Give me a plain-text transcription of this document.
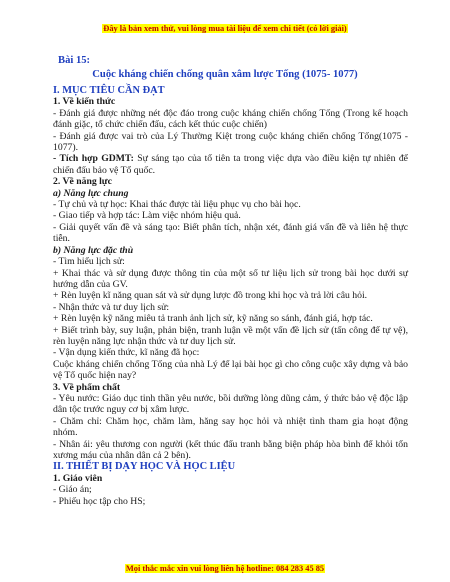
Đây là bản xem thử, vui lòng mua tài liệu để xem chi tiết (có lời giải)
Bài 15:
Cuộc kháng chiến chống quân xâm lược Tống (1075- 1077)
I. MỤC TIÊU CẦN ĐẠT
1. Về kiến thức
- Đánh giá được những nét độc đáo trong cuộc kháng chiến chống Tống (Trong kế hoạch đánh giặc, tổ chức chiến đấu, cách kết thúc cuộc chiến)
- Đánh giá được vai trò của Lý Thường Kiệt trong cuộc kháng chiến chống Tống(1075 - 1077).
- Tích hợp GDMT: Sự sáng tạo của tổ tiên ta trong việc dựa vào điều kiện tự nhiên để chiến đấu bảo vệ Tổ quốc.
2. Về năng lực
a) Năng lực chung
- Tự chủ và tự học: Khai thác được tài liệu phục vụ cho bài học.
- Giao tiếp và hợp tác: Làm việc nhóm hiệu quả.
- Giải quyết vấn đề và sáng tạo: Biết phân tích, nhận xét, đánh giá vấn đề và liên hệ thực tiễn.
b) Năng lực đặc thù
- Tìm hiểu lịch sử:
+ Khai thác và sử dụng được thông tin của một số tư liệu lịch sử trong bài học dưới sự hướng dẫn của GV.
+ Rèn luyện kĩ năng quan sát và sử dụng lược đồ trong khi học và trả lời câu hỏi.
- Nhận thức và tư duy lịch sử:
+ Rèn luyện kỹ năng miêu tả tranh ảnh lịch sử, kỹ năng so sánh, đánh giá, hợp tác.
+ Biết trình bày, suy luận, phản biện, tranh luận về một vấn đề lịch sử (tấn công để tự vệ), rèn luyện năng lực nhận thức và tư duy lịch sử.
- Vận dụng kiến thức, kĩ năng đã học:
Cuộc kháng chiến chống Tống của nhà Lý để lại bài học gì cho công cuộc xây dựng và bảo vệ Tổ quốc hiện nay?
3. Về phẩm chất
- Yêu nước: Giáo dục tinh thần yêu nước, bồi dưỡng lòng dũng cảm, ý thức bảo vệ độc lập dân tộc trước nguy cơ bị xâm lược.
- Chăm chỉ: Chăm học, chăm làm, hăng say học hỏi và nhiệt tình tham gia hoạt động nhóm.
- Nhân ái: yêu thương con người (kết thúc đấu tranh bằng biện pháp hòa bình để khỏi tổn xương máu của nhân dân cả 2 bên).
II. THIẾT BỊ DẠY HỌC VÀ HỌC LIỆU
1. Giáo viên
- Giáo án;
- Phiếu học tập cho HS;
Mọi thắc mắc xin vui lòng liên hệ hotline: 084 283 45 85
